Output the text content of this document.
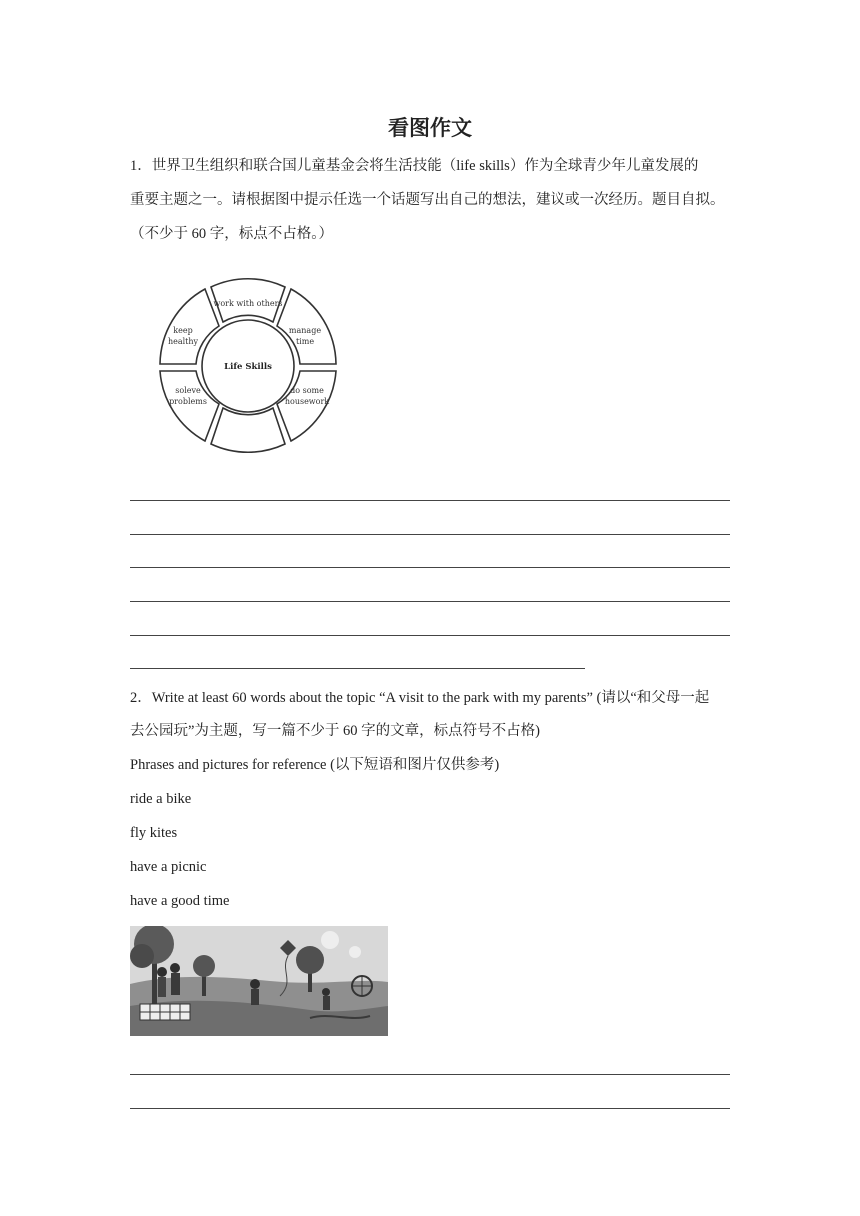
看图作文
1．世界卫生组织和联合国儿童基金会将生活技能（life skills）作为全球青少年儿童发展的
重要主题之一。请根据图中提示任选一个话题写出自己的想法，建议或一次经历。题目自拟。
（不少于 60 字，标点不占格。）
Life Skills
work with others
manage
time
do some
housework
soleve
problems
keep
healthy
2．Write at least 60 words about the topic “A visit to the park with my parents” (请以“和父母一起
去公园玩”为主题，写一篇不少于 60 字的文章，标点符号不占格)
Phrases and pictures for reference (以下短语和图片仅供参考)
ride a bike
fly kites
have a picnic
have a good time
